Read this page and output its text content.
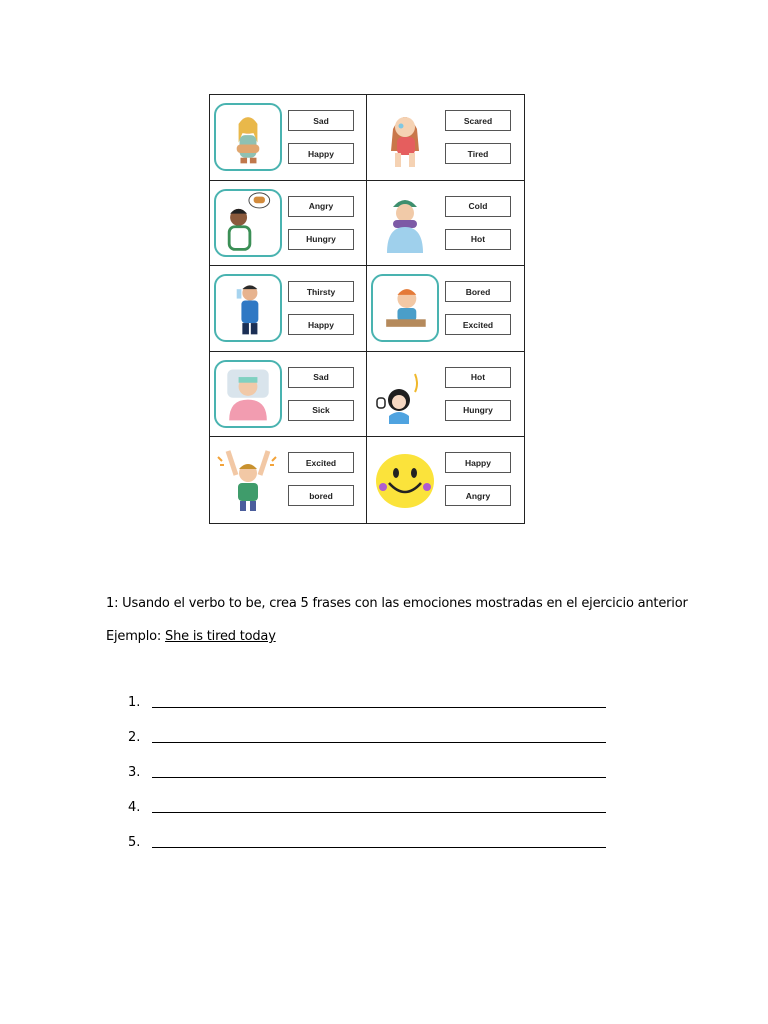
Sad
Happy
Scared
Tired
Angry
Hungry
Cold
Hot
Thirsty
Happy
Bored
Excited
Sad
Sick
Hot
Hungry
Excited
bored
Happy
Angry
1: Usando el verbo to be, crea 5 frases con las emociones mostradas en el ejercicio anterior
Ejemplo: She is tired today
1.
2.
3.
4.
5.
